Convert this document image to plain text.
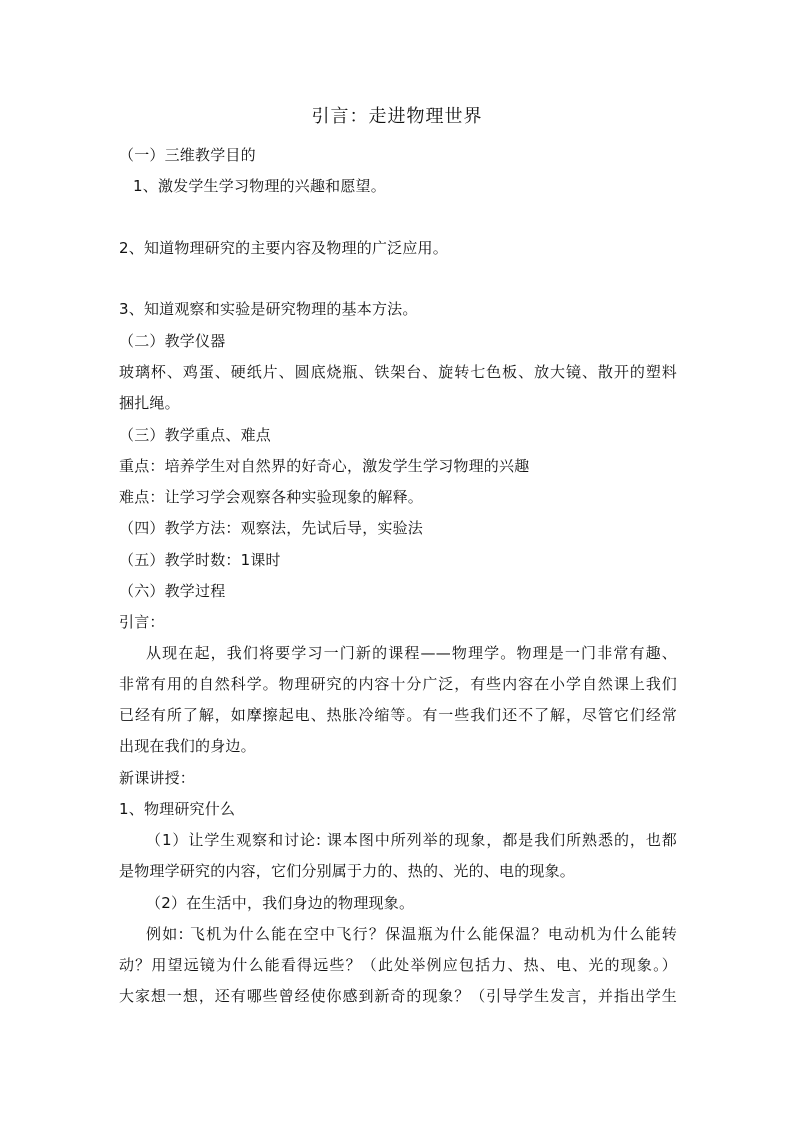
引言：走进物理世界
（一）三维教学目的
1、激发学生学习物理的兴趣和愿望。
2、知道物理研究的主要内容及物理的广泛应用。
3、知道观察和实验是研究物理的基本方法。
（二）教学仪器
玻璃杯、鸡蛋、硬纸片、圆底烧瓶、铁架台、旋转七色板、放大镜、散开的塑料
捆扎绳。
（三）教学重点、难点
重点：培养学生对自然界的好奇心，激发学生学习物理的兴趣
难点：让学习学会观察各种实验现象的解释。
（四）教学方法：观察法，先试后导，实验法
（五）教学时数：1课时
（六）教学过程
引言：
从现在起，我们将要学习一门新的课程——物理学。物理是一门非常有趣、
非常有用的自然科学。物理研究的内容十分广泛，有些内容在小学自然课上我们
已经有所了解，如摩擦起电、热胀冷缩等。有一些我们还不了解，尽管它们经常
出现在我们的身边。
新课讲授：
1、物理研究什么
（1）让学生观察和讨论: 课本图中所列举的现象，都是我们所熟悉的，也都
是物理学研究的内容，它们分别属于力的、热的、光的、电的现象。
（2）在生活中，我们身边的物理现象。
例如: 飞机为什么能在空中飞行？保温瓶为什么能保温？电动机为什么能转
动？用望远镜为什么能看得远些？（此处举例应包括力、热、电、光的现象。）
大家想一想，还有哪些曾经使你感到新奇的现象？（引导学生发言，并指出学生
